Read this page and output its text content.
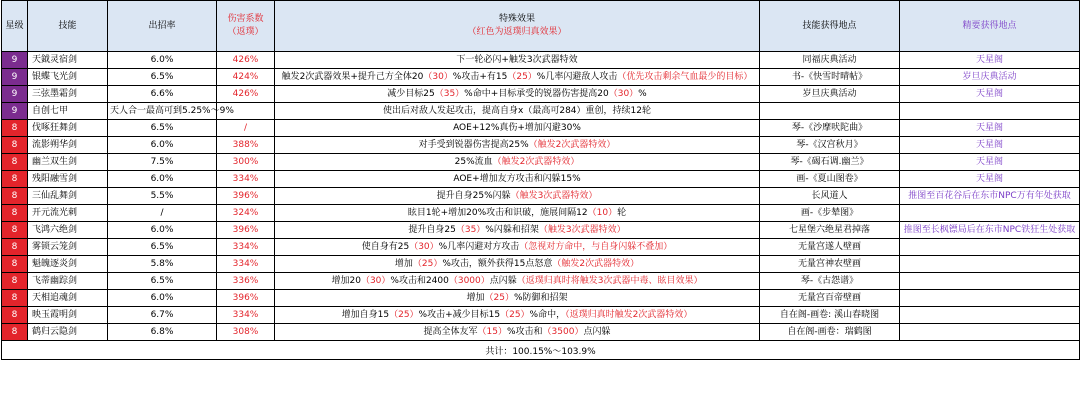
星级	技能	出招率	伤害系数
（返璞）	特殊效果
（红色为返璞归真效果）	技能获得地点	精要获得地点
9	天鉞灵宿剑	6.0%	426%	下一轮必闪+触发3次武器特效	同福庆典活动	天星阁
9	银蝶飞光剑	6.5%	424%	触发2次武器效果+提升己方全体20（30）%攻击+有15（25）%几率闪避敌人攻击（优先攻击剩余气血最少的目标）	书-《快雪时晴帖》	岁旦庆典活动
9	三弦墨霜剑	6.6%	426%	减少目标25（35）%命中+目标承受的锐器伤害提高20（30）%	岁旦庆典活动	天星阁
9	自创七甲	天人合一最高可到5.25%～9%		使出后对敌人发起攻击，提高自身x（最高可284）重创，持续12轮		
8	伐啄狂舞剑	6.5%	/	AOE+12%真伤+增加闪避30%	琴-《沙摩吠陀曲》	天星阁
8	流影朔华剑	6.0%	388%	对手受到锐器伤害提高25%（触发2次武器特效）	琴-《汉宫秋月》	天星阁
8	幽兰双生剑	7.5%	300%	25%流血（触发2次武器特效）	琴-《碣石调.幽兰》	天星阁
8	残阳融雪剑	6.0%	334%	AOE+增加友方攻击和闪躲15%	画-《夏山图卷》	天星阁
8	三仙乱舞剑	5.5%	396%	提升自身25%闪躲（触发3次武器特效）	长风道人	推图至百花谷后在东市NPC万有年处获取
8	开元流光刺	/	324%	眩目1轮+增加20%攻击和识破，施展间隔12（10）轮	画-《步辇图》	
8	飞鸿六绝剑	6.0%	396%	提升自身25（35）%闪躲和招架（触发3次武器特效）	七星堡六绝星君掉落	推图至长枫镖局后在东市NPC铁狂生处获取
8	雾锁云笼剑	6.5%	334%	使自身有25（30）%几率闪避对方攻击（忽视对方命中，与自身闪躲不叠加）	无量宫遂人壁画	
8	魁魄逐炎剑	5.8%	334%	增加（25）%攻击，额外获得15点怒意（触发2次武器特效）	无量宫神农壁画	
8	飞蒂幽踪剑	6.5%	336%	增加20（30）%攻击和2400（3000）点闪躲（返璞归真时将触发3次武器中毒、眩目效果）	琴-《古怨谱》	
8	天相追魂剑	6.0%	396%	增加（25）%防御和招架	无量宫百帝壁画	
8	映玉霞明剑	6.7%	334%	增加自身15（25）%攻击+减少目标15（25）%命中，（返璞归真时触发2次武器特效）	自在阁-画卷: 溪山春晓图	
8	鹤归云隐剑	6.8%	308%	提高全体友军（15）%攻击和（3500）点闪躲	自在阁-画卷：瑞鹤图	
共计：100.15%～103.9%						
